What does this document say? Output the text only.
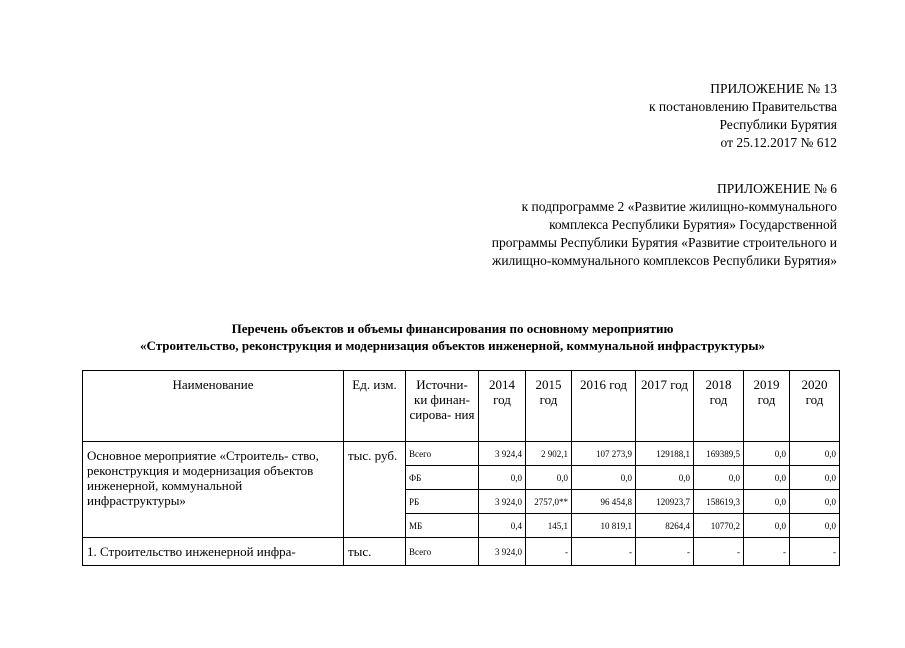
ПРИЛОЖЕНИЕ № 13
к постановлению Правительства
Республики Бурятия
от 25.12.2017 № 612
ПРИЛОЖЕНИЕ № 6
к подпрограмме 2 «Развитие жилищно-коммунального
комплекса Республики Бурятия» Государственной
программы Республики Бурятия «Развитие строительного и
жилищно-коммунального комплексов Республики Бурятия»
Перечень объектов и объемы финансирования по основному мероприятию
«Строительство, реконструкция и модернизация объектов инженерной, коммунальной инфраструктуры»
Наименование	Ед. изм.	Источни- ки финан- сирова- ния	2014 год	2015 год	2016 год	2017 год	2018 год	2019 год	2020 год
Основное мероприятие «Строитель- ство, реконструкция и модернизация объектов инженерной, коммунальной инфраструктуры»	тыс. руб.	Всего	3 924,4	2 902,1	107 273,9	129188,1	169389,5	0,0	0,0
		ФБ	0,0	0,0	0,0	0,0	0,0	0,0	0,0
		РБ	3 924,0	2757,0**	96 454,8	120923,7	158619,3	0,0	0,0
		МБ	0,4	145,1	10 819,1	8264,4	10770,2	0,0	0,0
1. Строительство инженерной инфра-	тыс.	Всего	3 924,0	-	-	-	-	-	-
